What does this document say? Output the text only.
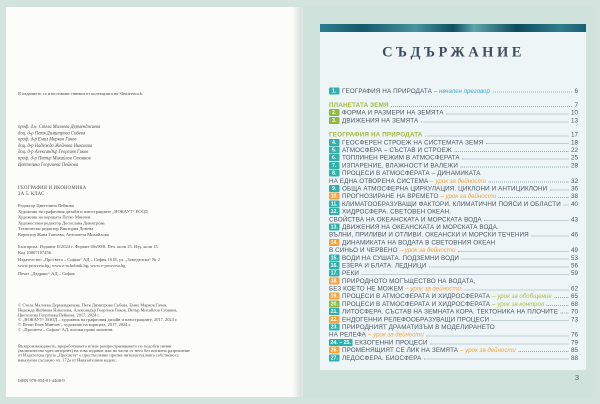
В изданието са използвани снимки от колекцията на Shutterstock.
проф. д.н. Стела Малчева Дерменджиева
доц. д-р Петя Димитрова Събева
проф. д-р Емил Марков Гачев
доц. д-р Надежда Жейнова Николова
доц. д-р Александър Георгиев Гиков
проф. д-р Петър Михайлов Стоянов
Цветелина Георгиева Пейкова
ГЕОГРАФИЯ И ИКОНОМИКА
ЗА 5. КЛАС
Редактор Цветелина Пейкова
Художник на графичния дизайн и илюстрациите „НОКАУТ“ ЕООД
Художник на корицата Петко Минчев
Художествен редактор Десислава Димитрова
Технически редактор Виктория Донева
Коректор Жана Ганчева, Антоанета Михайлова
Българска. Издание II/2024 г. Формат 60х90/8. Печ. коли 15. Изд. коли 15.
Код 10807107456.
Издателство „Просвета – София“ АД – София 1618, ул. „Земеделска“ № 2
www.prosveta.bg; www.e-uchebnik.bg; www.e-prosveta.bg
Печат „Дедракс“ АД – София
© Стела Малчева Дерменджиева, Петя Димитрова Събева, Емил Марков Гачев,
Надежда Жейнова Николова, Александър Георгиев Гиков, Петър Михайлов Стоянов,
Цветелина Георгиева Пейкова, 2017, 2024 г.
© „НОКАУТ“ ЕООД – художник на графичния дизайн и илюстрациите, 2017, 2024 г.
© Петко Ечев Минчев – художник на корицата, 2017, 2024 г.
© „Просвета – София“ АД, всички права запазени.
Възпроизвеждането, преработването и/или разпространяването по подобен начин
(включително чрез интернет) на това издание или на части от него без писмено разрешение
от Издателска група „Просвета“ е престъпление против интелектуалната собственост,
наказуемо съгласно чл. 172а от Наказателния кодекс.
ISBN 978-954-01-4468-9
СЪДЪРЖАНИЕ
1. ГЕОГРАФИЯ НА ПРИРОДАТА – начален преговор	6
ПЛАНЕТАТА ЗЕМЯ	7
2. ФОРМА И РАЗМЕРИ НА ЗЕМЯТА	10
3. ДВИЖЕНИЯ НА ЗЕМЯТА	13
ГЕОГРАФИЯ НА ПРИРОДАТА	17
4. ГЕОСФЕРЕН СТРОЕЖ НА СИСТЕМАТА ЗЕМЯ	18
5. АТМОСФЕРА – СЪСТАВ И СТРОЕЖ	22
6. ТОПЛИНЕН РЕЖИМ В АТМОСФЕРАТА	25
7. ИЗПАРЕНИЕ, ВЛАЖНОСТ И ВАЛЕЖИ	28
8. ПРОЦЕСИ В АТМОСФЕРАТА – ДИНАМИКАТА
НА ЕДНА ОТВОРЕНА СИСТЕМА – урок за дейности	32
9. ОБЩА АТМОСФЕРНА ЦИРКУЛАЦИЯ. ЦИКЛОНИ И АНТИЦИКЛОНИ 36
10. ПРОГНОЗИРАНЕ НА ВРЕМЕТО – урок за дейности	38
11. КЛИМАТООБРАЗУВАЩИ ФАКТОРИ. КЛИМАТИЧНИ ПОЯСИ И ОБЛАСТИ 40
12. ХИДРОСФЕРА. СВЕТОВЕН ОКЕАН.
СВОЙСТВА НА ОКЕАНСКАТА И МОРСКАТА ВОДА	43
13. ДВИЖЕНИЯ НА ОКЕАНСКАТА И МОРСКАТА ВОДА.
ВЪЛНИ, ПРИЛИВИ И ОТЛИВИ. ОКЕАНСКИ И МОРСКИ ТЕЧЕНИЯ	46
14. ДИНАМИКАТА НА ВОДАТА В СВЕТОВНИЯ ОКЕАН
В СИНЬО И ЧЕРВЕНО – урок за дейности	49
15. ВОДИ НА СУШАТА. ПОДЗЕМНИ ВОДИ	53
16. ЕЗЕРА И БЛАТА. ЛЕДНИЦИ	56
17. РЕКИ	59
18. ПРИРОДНОТО МОГЪЩЕСТВО НА ВОДАТА,
БЕЗ КОЕТО НЕ МОЖЕМ – урок за дейности	62
19. ПРОЦЕСИ В АТМОСФЕРАТА И ХИДРОСФЕРАТА – урок за обобщение 65
20. ПРОЦЕСИ В АТМОСФЕРАТА И ХИДРОСФЕРАТА – урок за контрол 68
21. ЛИТОСФЕРА. СЪСТАВ НА ЗЕМНАТА КОРА. ТЕКТОНИКА НА ПЛОЧИТЕ 70
22. ЕНДОГЕННИ РЕЛЕФООБРАЗУВАЩИ ПРОЦЕСИ	73
23. ПРИРОДНИЯТ ДРАМАТИЗЪМ В МОДЕЛИРАНЕТО
НА РЕЛЕФА – урок за дейности	76
24. – 25. ЕКЗОГЕННИ ПРОЦЕСИ	79
26. ПРОМЕНЯЩИЯТ СЕ ЛИК НА ЗЕМЯТА – урок за дейности	85
27. ЛЕДОСФЕРА. БИОСФЕРА	88
3
